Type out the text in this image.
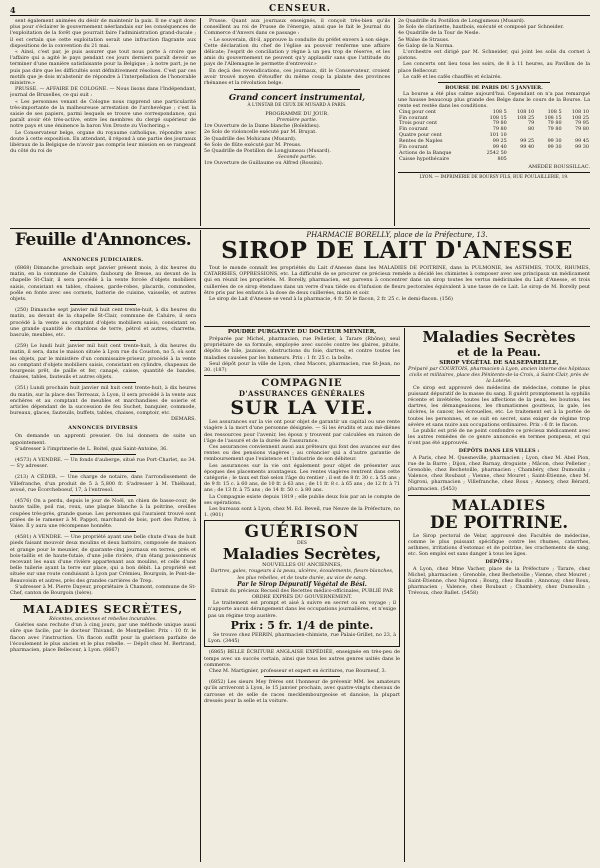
4	CENSEUR.

sent également animées du désir de maintenir la paix. Il ne s'agit donc plus pour s'éclairer le gouvernement néerlandais sur les conséquences de l'exploitation de la forêt que pourrait faire l'administration grand-ducale ; il est certain que cette exploitation serait une infraction flagrante aux dispositions de la convention du 21 mai.

« Ainsi, c'est par, je puis assurer que tout nous porte à croire que l'affaire qui a agité le pays pendant ces jours derniers paraît devoir se terminer d'une manière satisfaisante pour la Belgique ; à notre part, je ne puis pas dire que les difficultés sont définitivement résolues. C'est par ces motifs que je dois m'abstenir de répondre à l'interpellation de l'honorable ministre.»

PRUSSE. — AFFAIRE DE COLOGNE. — Nous lisons dans l'Indépendant, journal de Bruxelles, ce qui suit :

« Les personnes venant de Cologne nous rapprend une particularité très-importante de la malheureuse arrestation de l'archevêque ; c'est la saisie de ses papiers, parmi lesquels se trouve une correspondance, qui paraît avoir été très-active, entre les membres du clergé supérieur de notre pays et une éminence la baron Von Droste zu Vischering.»

Le Conservateur belge, organe du royaume catholique, répondre avec doute à cette exposition. En attendant, il répond à une partie des journaux libéraux de la Belgique de n'avoir pas compris leur mission en se rangeant du côté du roi de

Prusse. Quant aux journaux enseignés, il conçoit très-bien qu'ils conseillent au roi de Prusse de l'énergie, ainsi que le fait le Journal du Commerce d'Anvers dans ce passage :

« Le souverain, dit-il, approuve la conduite du préfet envers à son siège. Cette déclaration du chef de l'église au pouvoir renferme une affaire délicate; l'esprit de conciliation y règne à un peu trop de réserve, et les amis du gouvernement ne peuvent qu'y applaudir sans que l'attitude du pays de l'Allemagne le permette d'entrevoir.»

En deçà des revendications, ces journaux, dit le Conservateur, croient avoir trouvé moyen d'étouffer du même coup la plainte des provinces rhénanes et la révolution belge.

Grand concert instrumental,
À L'INSTAR DE CEUX DE MUSARD À PARIS.
PROGRAMME DU JOUR.
Première partie.

1re Ouverture de la Dame blanche (Boïeldieu).

2e Solo de violoncelle exécuté par M. Bruyat.

3e Quadrille des Mohicans (Musard).

4e Solo de flûte exécuté par M. Preuss.

5e Quadrille de Postillon de Longjumeau (Musard).

Seconde partie.

1re Ouverture de Guillaume ou Alfred (Rossini).

2e Quadrille du Postillon de Longjumeau (Musard).

3e Solo de clarinette, hautbois, exécuté et composé par Schneider.

4e Quadrille de la Tour de Nesle.

5e Walse de Strauss.

6e Galop de la Norma.

L'orchestre est dirigé par M. Schneider, qui joint les solis du cornet à pistons.

Les concerts ont lieu tous les soirs, de 8 à 11 heures, au Pavillon de la place Bellecour.

Le café et les cafés chauffés et éclairés.

BOURSE DE PARIS DU 5 JANVIER.

La bourse a été plus calme aujourd'hui. Cependant on n'a pas remarqué une hausse beaucoup plus grande des Belge dans le cours de la Bourse. La rente est restée dans les conditions.

Cinq pour cent	108 5	108 10	108 5	108 10
Fin courant	108 15	108 25	108 15	108 25
Trois pour cent	79 80	79	79 80	79 95
Fin courant	79 80	80	79 80	79 80
Quatre pour cent	101 10			
Rentes de Naples	99 25	99 25	99 30	99 45
Fin courant	99 40	99 40	99 30	99 30
Actions de la Banque	2542 50			
Caisse hypothécaire	805			
AMÉDÉE ROUSSILLAC.
LYON. — IMPRIMERIE DE BOURSY FILS, RUE POULAILLERIE, 19.
Feuille d'Annonces.
ANNONCES JUDICIAIRES.

(6868) Dimanche prochain sept janvier présent mois, à dix heures du matin, en la commune de Caluire, faubourg de Bresse, au devant de la chapelle St-Clair, il sera procédé à la vente forcée d'objets mobiliers saisis, consistant en tables, chaises, garde-robes, placards, commodes, poêle en fonte avec ses cornets, batterie de cuisine, vaisselle, et autres objets.

(250) Dimanche sept janvier mil huit cent trente-huit, à dix heures du matin, au devant de la chapelle St-Clair, commune de Caluire, il sera procédé à la vente au comptant d'objets mobiliers saisis, consistant en une grande quantité de chardons de terre, pétrol et autres, charrette, bascule, meubles, etc.

(259) Le lundi huit janvier mil huit cent trente-huit, à dix heures du matin, il sera, dans le maison située à Lyon rue du Couston, no 5, où sont les objets, par le ministère d'un commissaire-priseur, procédé à la vente au comptant d'objets mobiliers saisis, consistant en cylindre, chapeaux de bourgeois prêt, de paille et fer, canapé, caisse, quantité de bandes, chaises, tables, fauteuils et autres objets.

(351) Lundi prochain huit janvier mil huit cent trente-huit, à dix heures du matin, sur la place des Terreaux, à Lyon, il sera procédé à la vente aux enchères et au comptant de meubles et marchandises de soierie et articles dépendant de la succession de feu Suchet, banquier, commode, bureaux, glaces, fauteuils, buffets, tables, chaises, comptoir, etc.

DEMARS.
ANNONCES DIVERSES

On demande un apprenti pressier. On lui donnera de suite un appointement.

S'adresser à l'imprimerie de L. Boitel, quai Saint-Antoine, 36.

(4573) A VENDRE. — Un fonds d'auberge, situé rue Port-Charlet, no 34. — S'y adresser.

(213) A CÉDER. — Une charge de notaire, dans l'arrondissement de Villefranche, d'un produit de 5 à 5,800 fr. S'adresser à M. Thiébaud, avoué, rue Écorcheboeuf, 17, à l'entresol.

(4576) On a perdu, depuis le jour de Noël, un chien de basse-cour, de haute taille, poil ras, roux, une plaque blanche à la poitrine, oreilles coupées très-près, grande queue. Les personnes qui l'auraient trouvé sont priées de le ramener à M. Pappot, marchand de bois, port des Pattes, à Vaise. Il y aura une récompense honnête.

(4581) A VENDRE. — Une propriété ayant une belle chute d'eau de huit pieds faisant mouvoir deux moulins et deux battoirs, composée de maison et grange pour le meunier, de quarante-cinq journaux en terres, prés et bois-taillis et de haute-futaie, d'une jolie rivière, d'un étang poissonneux recevant les eaux d'une rivière appartenant aux moulins, et celle d'une belle tuilerie ayant la terre sur place, qui a bon débit. La propriété est située sur une route conduisant à Lyon par Crémieu, Bourgoin, le Pont-de-Beauvoisin et autres, près des grandes carrières de Trep.

S'adresser à M. Pierre Dayeur, propriétaire à Chamont, commune de St-Chef, canton de Bourgoin (Isère).

MALADIES SECRÈTES,
Récentes, anciennes et rebelles incurables.

Guéries sans rechute d'un à cinq jours, par une méthode unique aussi sûre que facile, par le docteur Thivand, de Montpellier. Prix : 10 fr. le flacon avec l'instruction. Un flacon suffit pour la guérison parfaite de l'écoulement le plus ancien et le plus rebelle. — Dépôt chez M. Bertrand, pharmacien, place Bellecour, à Lyon. (6667)

PHARMACIE BORELLY, place de la Préfecture, 13.
SIROP DE LAIT D'ANESSE

Tout le monde connaît les propriétés du Lait d'Anesse dans les MALADIES DE POITRINE, dans la PULMONIE, les ASTHMES, TOUX, RHUMES, CATARRHES, OPPRESSIONS, etc. La difficulté de se procurer ce précieux remède a décidé les chimistes à composer avec ses principaux un médicament qui en réunit les propriétés. M. Borelly, pharmacien, est parvenu à concentrer dans un sirop toutes les vertus médicinales du Lait d'Anesse, et trois cuillerées de ce sirop étendues dans un verre d'eau tiède ou d'infusion de fleurs pectorales équivalent à une tasse de ce Lait. Le sirop de M. Borelly peut être pris par les enfants à la dose de deux cuillerées, matin et soir.

Le sirop de Lait d'Anesse se vend à la pharmacie, 4 fr. 50 le flacon, 2 fr. 25 c. le demi-flacon. (156)

POUDRE PURGATIVE DU DOCTEUR MEYNIER,

Préparée par Michel, pharmacien, rue Pelletier, à Tarare (Rhône), seul propriétaire de sa formule, employée avec succès contre les glaires, pituite, dépôts de bile, jaunisse, obstructions du foie, dartres, et contre toutes les maladies causées par les humeurs. Prix : 1 fr. 25 c. la boîte.

Seul dépôt pour la ville de Lyon, chez Macors, pharmacien, rue St-Jean, no 30. (187)

COMPAGNIE
D'ASSURANCES GÉNÉRALES
SUR LA VIE.

Les assurances sur la vie ont pour objet de garantir un capital ou une rente viagère à la mort d'une personne désignée. — Si les érudits et aux mé-diénes des ressources pour l'avenir, les époux y trouvent par calculées en raison de l'âge de l'assuré et de la durée de l'assurance.

Ces assurances conviennent aussi aux prêteurs qui font des avances sur des rentes ou des pensions viagères ; au créancier qui a d'autre garantie de remboursement que l'existence et l'industrie de son débiteur.

Les assurances sur la vie ont également pour objet de présenter aux époques des placements avantageux. Les rentes viagères rentrent dans cette catégorie ; le taux est fixé selon l'âge du rentier ; il est de 8 fr. 30 c. à 55 ans ; de 9 fr. 15 c. à 60 ans, de 10 fr. à 63 ans ; de 11 fr. 8 c. à 65 ans ; de 12 fr. à 71 ans ; de 13 fr. à 75 ans ; de 14 fr. 50 c. à 80 ans.

La Compagnie existe depuis 1819 ; elle publie deux fois par an le compte de ses opérations.

Les bureaux sont à Lyon, chez M. Ed. Beveil, rue Neuve de la Préfecture, no 1. (901)

GUÉRISON
DES
Maladies Secrètes,
NOUVELLES OU ANCIENNES,

Dartres, gales, rougeurs à la peau, ulcères, écoulements, fleurs-blanches, les plus rebelles, et de toute durée, au vice de sang.

Par le Sirop Dépuratif Végétal de Bési.

Extrait du précieux Recueil des Recettes médico-officinales, PUBLIÉ PAR ORDRE EXPRÈS DU GOUVERNEMENT.

Le traitement est prompt et aisé à suivre en secret ou en voyage ; il n'apporte aucun dérangement dans les occupations journalières, et n'exige pas un régime trop austère.

Prix : 5 fr. 1/4 de pinte.

Se trouve chez PERRIN, pharmacien-chimiste, rue Palais-Grillet, no 23, à Lyon. (3445)

(6865) BELLE ÉCRITURE ANGLAISE EXPÉDIÉE, enseignée en très-peu de temps avec un succès certain, ainsi que tous les autres genres usités dans le commerce.

Chez M. Martignier, professeur et expert en écritures, rue Bourneuf, 3.

(6852) Les sieurs Mey frères ont l'honneur de prévenir MM. les amateurs qu'ils arriveront à Lyon, le 15 janvier prochain, avec quatre-vingts chevaux de carrosse et de selle de races mecklembourgeoise et danoise, la plupart dressés pour la selle et la voiture.

Maladies Secrètes
et de la Peau.
SIROP VÉGÉTAL DE SALSEPAREILLE,

Préparé par COURTOIS, pharmacien à Lyon, ancien interne des hôpitaux civils et militaires, place des Pénitents-de-la-Croix, à Saint-Clair, près de la Loterie.

Ce sirop est approuvé des médecins de médecine, comme le plus puissant dépuratif de la masse du sang. Il guérit promptement la syphilis récente et invétérée, toutes les affections de la peau, les boutons, les dartres, les démangeaisons, les rhumatismes goutteux, la gale, les ulcères, le cancer, les écrouelles, etc. Le traitement est à la portée de toutes les personnes, et se suit en secret, sans exiger de régime trop sévère et sans nuire aux occupations ordinaires. Prix : 6 fr. le flacon.

Le public est prié de ne point confondre ce précieux médicament avec les autres remèdes de ce genre annoncés en termes pompeux, et qui n'ont pas été approuvés.

DÉPÔTS DANS LES VILLES :

A Paris, chez M. Quesneville, pharmacien ; Lyon, chez M. Abel Pion, rue de la Barre ; Dijon, chez Barnay, droguiste ; Mâcon, chez Pelletier ; Grenoble, chez Bechetoille, pharmacien ; Chambéry, chez Dumoulin ; Valence, chez Roubaut ; Vienne, chez Mouret ; Saint-Étienne, chez M. Nigroni, pharmacien ; Villefranche, chez Roux ; Annecy, chez Bérard, pharmacien. (5453)

MALADIES
DE POITRINE.

Le Sirop pectoral de Velar, approuvé des Facultés de médecine, comme le plus puissant spécifique contre les rhumes, catarrhes, asthmes, irritations d'estomac et de poitrine, les crachements de sang, etc. Son emploi est sans danger à tous les âges.

DÉPÔTS :

A Lyon, chez Mme Vacher, place de la Préfecture ; Tarare, chez Michel, pharmacien ; Grenoble, chez Bechetoille ; Vienne, chez Mouret ; Saint-Étienne, chez Nigroni ; Bourg, chez Baudin ; Annonay, chez Roux, pharmacien ; Valence, chez Roubaut ; Chambéry, chez Dumoulin ; Trévoux, chez Ballet. (5458)
